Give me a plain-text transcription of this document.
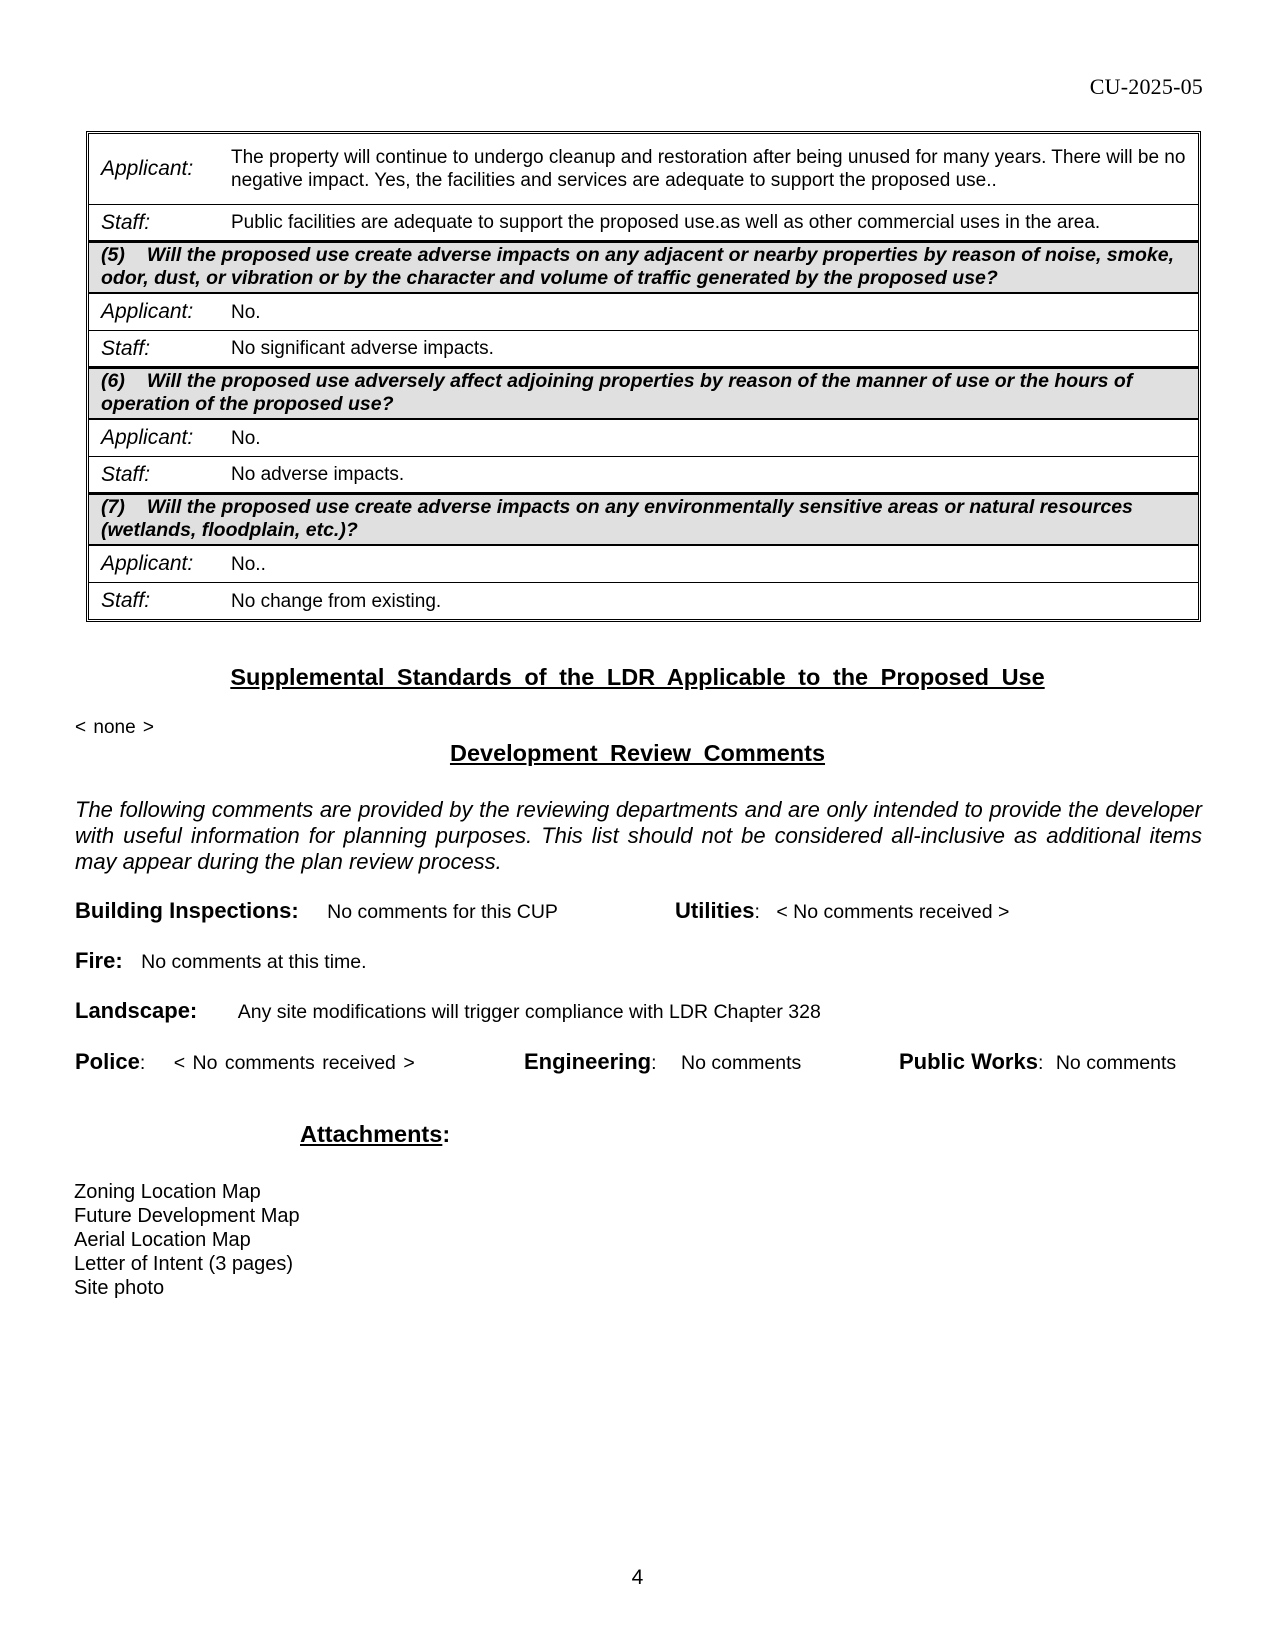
CU-2025-05
Applicant:	The property will continue to undergo cleanup and restoration after being unused for many years. There will be no negative impact. Yes, the facilities and services are adequate to support the proposed use..
Staff:	Public facilities are adequate to support the proposed use.as well as other commercial uses in the area.
(5) Will the proposed use create adverse impacts on any adjacent or nearby properties by reason of noise, smoke, odor, dust, or vibration or by the character and volume of traffic generated by the proposed use?	
Applicant:	No.
Staff:	No significant adverse impacts.
(6) Will the proposed use adversely affect adjoining properties by reason of the manner of use or the hours of operation of the proposed use?	
Applicant:	No.
Staff:	No adverse impacts.
(7) Will the proposed use create adverse impacts on any environmentally sensitive areas or natural resources (wetlands, floodplain, etc.)?	
Applicant:	No..
Staff:	No change from existing.
Supplemental Standards of the LDR Applicable to the Proposed Use
< none >
Development Review Comments
The following comments are provided by the reviewing departments and are only intended to provide the developer with useful information for planning purposes. This list should not be considered all-inclusive as additional items may appear during the plan review process.
Building Inspections: No comments for this CUP	Utilities: < No comments received >
Fire: No comments at this time.
Landscape: Any site modifications will trigger compliance with LDR Chapter 328
Police: < No comments received >	Engineering: No comments	Public Works: No comments
Attachments:
Zoning Location Map
Future Development Map
Aerial Location Map
Letter of Intent (3 pages)
Site photo
4
